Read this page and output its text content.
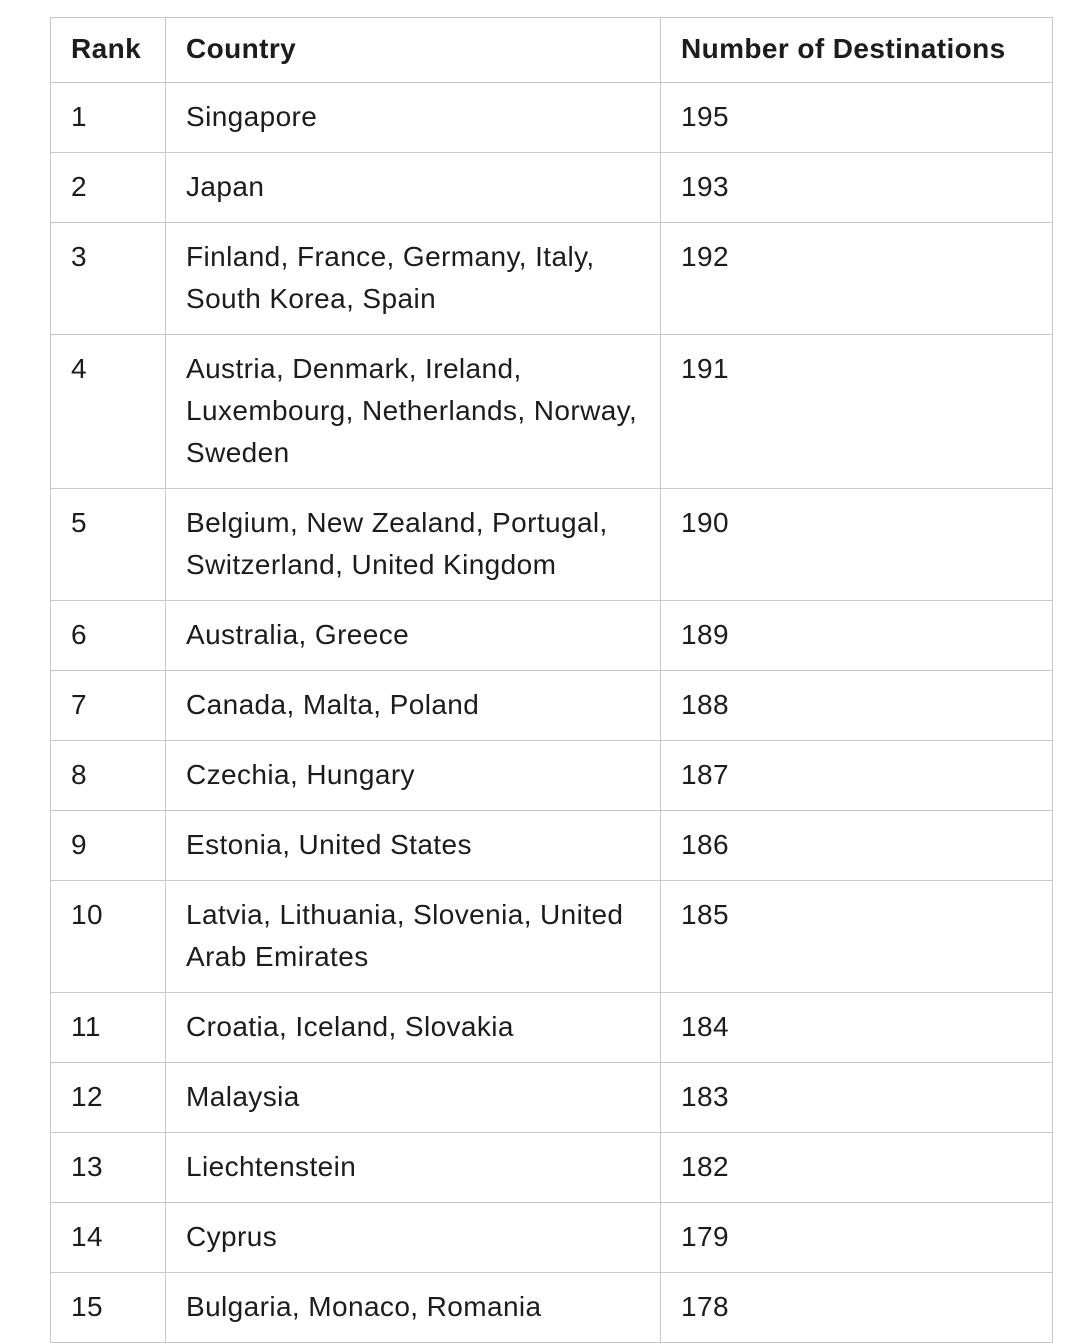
Rank	Country	Number of Destinations
1	Singapore	195
2	Japan	193
3	Finland, France, Germany, Italy, South Korea, Spain	192
4	Austria, Denmark, Ireland, Luxembourg, Netherlands, Norway, Sweden	191
5	Belgium, New Zealand, Portugal, Switzerland, United Kingdom	190
6	Australia, Greece	189
7	Canada, Malta, Poland	188
8	Czechia, Hungary	187
9	Estonia, United States	186
10	Latvia, Lithuania, Slovenia, United Arab Emirates	185
11	Croatia, Iceland, Slovakia	184
12	Malaysia	183
13	Liechtenstein	182
14	Cyprus	179
15	Bulgaria, Monaco, Romania	178
